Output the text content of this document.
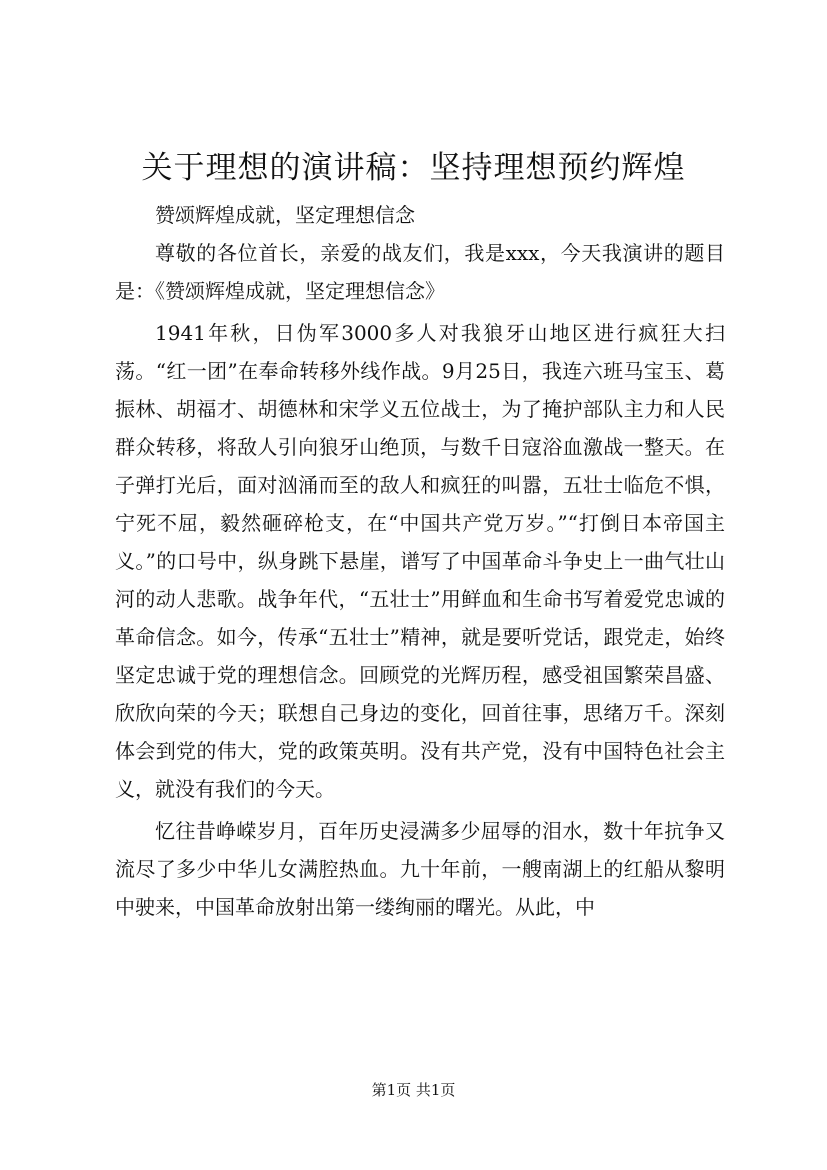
关于理想的演讲稿：坚持理想预约辉煌

赞颂辉煌成就，坚定理想信念

尊敬的各位首长，亲爱的战友们，我是xxx，今天我演讲的题目是：《赞颂辉煌成就，坚定理想信念》

1941年秋，日伪军3000多人对我狼牙山地区进行疯狂大扫荡。“红一团”在奉命转移外线作战。9月25日，我连六班马宝玉、葛振林、胡福才、胡德林和宋学义五位战士，为了掩护部队主力和人民群众转移，将敌人引向狼牙山绝顶，与数千日寇浴血激战一整天。在子弹打光后，面对汹涌而至的敌人和疯狂的叫嚣，五壮士临危不惧，宁死不屈，毅然砸碎枪支，在“中国共产党万岁。”“打倒日本帝国主义。”的口号中，纵身跳下悬崖，谱写了中国革命斗争史上一曲气壮山河的动人悲歌。战争年代，“五壮士”用鲜血和生命书写着爱党忠诚的革命信念。如今，传承“五壮士”精神，就是要听党话，跟党走，始终坚定忠诚于党的理想信念。回顾党的光辉历程，感受祖国繁荣昌盛、欣欣向荣的今天；联想自己身边的变化，回首往事，思绪万千。深刻体会到党的伟大，党的政策英明。没有共产党，没有中国特色社会主义，就没有我们的今天。

忆往昔峥嵘岁月，百年历史浸满多少屈辱的泪水，数十年抗争又流尽了多少中华儿女满腔热血。九十年前，一艘南湖上的红船从黎明中驶来，中国革命放射出第一缕绚丽的曙光。从此，中

第1页 共1页
